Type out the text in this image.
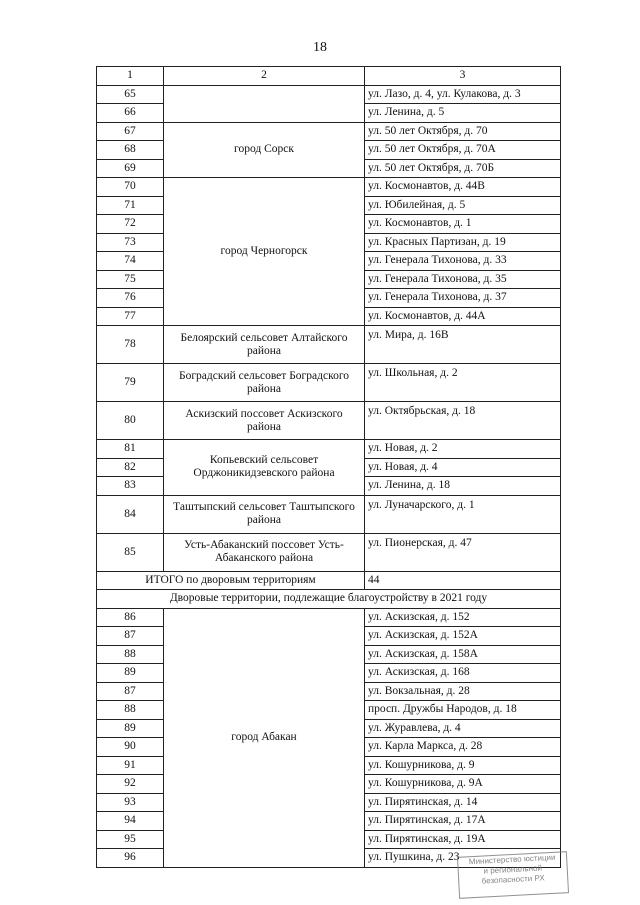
18
1	2	3
65		ул. Лазо, д. 4, ул. Кулакова, д. 3
66		ул. Ленина, д. 5
67	город Сорск	ул. 50 лет Октября, д. 70
68		ул. 50 лет Октября, д. 70А
69		ул. 50 лет Октября, д. 70Б
70	город Черногорск	ул. Космонавтов, д. 44В
71		ул. Юбилейная, д. 5
72		ул. Космонавтов, д. 1
73		ул. Красных Партизан, д. 19
74		ул. Генерала Тихонова, д. 33
75		ул. Генерала Тихонова, д. 35
76		ул. Генерала Тихонова, д. 37
77		ул. Космонавтов, д. 44А
78	Белоярский сельсовет Алтайского района	ул. Мира, д. 16В
79	Боградский сельсовет Боградского района	ул. Школьная, д. 2
80	Аскизский поссовет Аскизского района	ул. Октябрьская, д. 18
81	Копьевский сельсовет Орджоникидзевского района	ул. Новая, д. 2
82		ул. Новая, д. 4
83		ул. Ленина, д. 18
84	Таштыпский сельсовет Таштыпского района	ул. Луначарского, д. 1
85	Усть-Абаканский поссовет Усть-Абаканского района	ул. Пионерская, д. 47
ИТОГО по дворовым территориям		44
Дворовые территории, подлежащие благоустройству в 2021 году		
86	город Абакан	ул. Аскизская, д. 152
87		ул. Аскизская, д. 152А
88		ул. Аскизская, д. 158А
89		ул. Аскизская, д. 168
87		ул. Вокзальная, д. 28
88		просп. Дружбы Народов, д. 18
89		ул. Журавлева, д. 4
90		ул. Карла Маркса, д. 28
91		ул. Кошурникова, д. 9
92		ул. Кошурникова, д. 9А
93		ул. Пирятинская, д. 14
94		ул. Пирятинская, д. 17А
95		ул. Пирятинская, д. 19А
96		ул. Пушкина, д. 23	Министерство юстиции
и региональной
безопасности РХ
